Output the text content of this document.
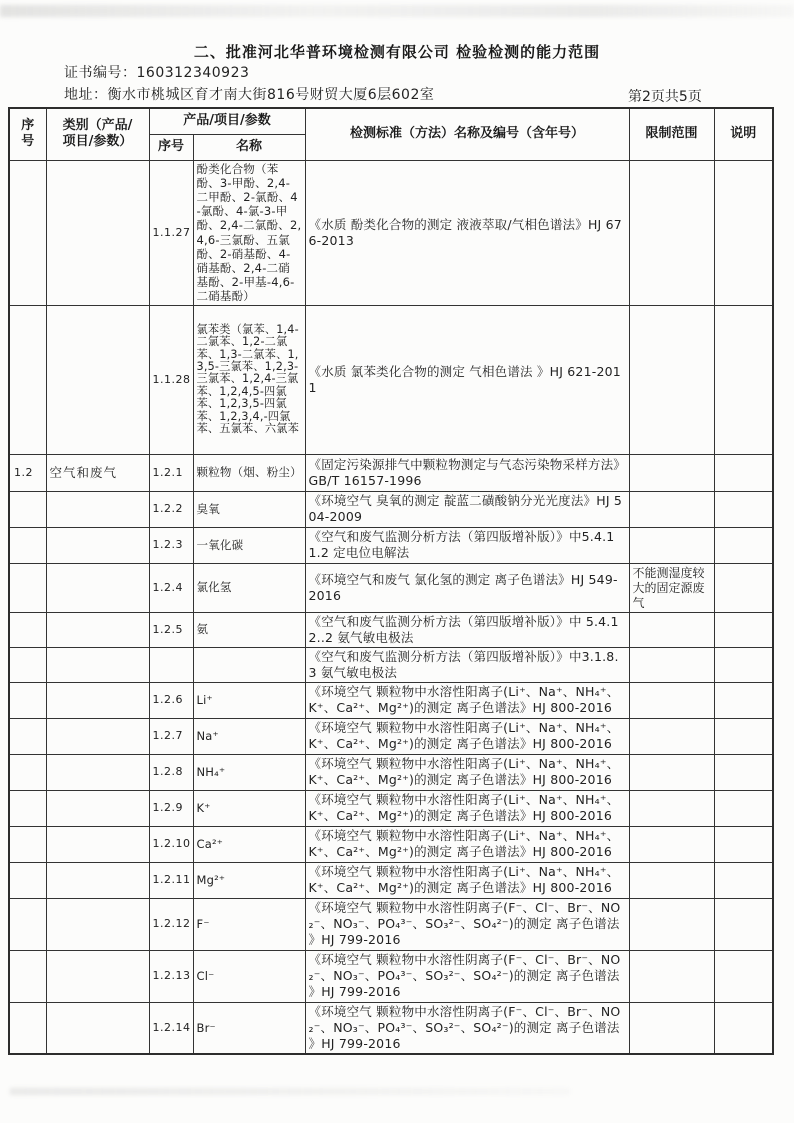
二、批准河北华普环境检测有限公司 检验检测的能力范围
证书编号：160312340923
地址：衡水市桃城区育才南大街816号财贸大厦6层602室	第2页共5页
序号	类别（产品/项目/参数）	产品/项目/参数		检测标准（方法）名称及编号（含年号）	限制范围	说明
		序号	名称			
		1.1.27	酚类化合物（苯酚、3-甲酚、2,4-二甲酚、2-氯酚、4-氯酚、4-氯-3-甲酚、2,4-二氯酚、2,4,6-三氯酚、五氯酚、2-硝基酚、4-硝基酚、2,4-二硝基酚、2-甲基-4,6-二硝基酚）	《水质 酚类化合物的测定 液液萃取/气相色谱法》HJ 676-2013		
		1.1.28	氯苯类（氯苯、1,4-二氯苯、1,2-二氯苯、1,3-二氯苯、1,3,5-三氯苯、1,2,3-三氯苯、1,2,4-三氯苯、1,2,4,5-四氯苯、1,2,3,5-四氯苯、1,2,3,4,-四氯苯、五氯苯、六氯苯	《水质 氯苯类化合物的测定 气相色谱法 》HJ 621-2011		
1.2	空气和废气	1.2.1	颗粒物（烟、粉尘）	《固定污染源排气中颗粒物测定与气态污染物采样方法》GB/T 16157-1996		
		1.2.2	臭氧	《环境空气 臭氧的测定 靛蓝二磺酸钠分光光度法》HJ 504-2009		
		1.2.3	一氧化碳	《空气和废气监测分析方法（第四版增补版）》中5.4.11.2 定电位电解法		
		1.2.4	氯化氢	《环境空气和废气 氯化氢的测定 离子色谱法》HJ 549-2016	不能测湿度较大的固定源废气	
		1.2.5	氨	《空气和废气监测分析方法（第四版增补版）》中 5.4.12..2 氨气敏电极法		
				《空气和废气监测分析方法（第四版增补版）》中3.1.8.3 氨气敏电极法		
		1.2.6	Li⁺	《环境空气 颗粒物中水溶性阳离子(Li⁺、Na⁺、NH₄⁺、K⁺、Ca²⁺、Mg²⁺)的测定 离子色谱法》HJ 800-2016		
		1.2.7	Na⁺	《环境空气 颗粒物中水溶性阳离子(Li⁺、Na⁺、NH₄⁺、K⁺、Ca²⁺、Mg²⁺)的测定 离子色谱法》HJ 800-2016		
		1.2.8	NH₄⁺	《环境空气 颗粒物中水溶性阳离子(Li⁺、Na⁺、NH₄⁺、K⁺、Ca²⁺、Mg²⁺)的测定 离子色谱法》HJ 800-2016		
		1.2.9	K⁺	《环境空气 颗粒物中水溶性阳离子(Li⁺、Na⁺、NH₄⁺、K⁺、Ca²⁺、Mg²⁺)的测定 离子色谱法》HJ 800-2016		
		1.2.10	Ca²⁺	《环境空气 颗粒物中水溶性阳离子(Li⁺、Na⁺、NH₄⁺、K⁺、Ca²⁺、Mg²⁺)的测定 离子色谱法》HJ 800-2016		
		1.2.11	Mg²⁺	《环境空气 颗粒物中水溶性阳离子(Li⁺、Na⁺、NH₄⁺、K⁺、Ca²⁺、Mg²⁺)的测定 离子色谱法》HJ 800-2016		
		1.2.12	F⁻	《环境空气 颗粒物中水溶性阴离子(F⁻、Cl⁻、Br⁻、NO₂⁻、NO₃⁻、PO₄³⁻、SO₃²⁻、SO₄²⁻)的测定 离子色谱法 》HJ 799-2016		
		1.2.13	Cl⁻	《环境空气 颗粒物中水溶性阴离子(F⁻、Cl⁻、Br⁻、NO₂⁻、NO₃⁻、PO₄³⁻、SO₃²⁻、SO₄²⁻)的测定 离子色谱法 》HJ 799-2016		
		1.2.14	Br⁻	《环境空气 颗粒物中水溶性阴离子(F⁻、Cl⁻、Br⁻、NO₂⁻、NO₃⁻、PO₄³⁻、SO₃²⁻、SO₄²⁻)的测定 离子色谱法 》HJ 799-2016		
